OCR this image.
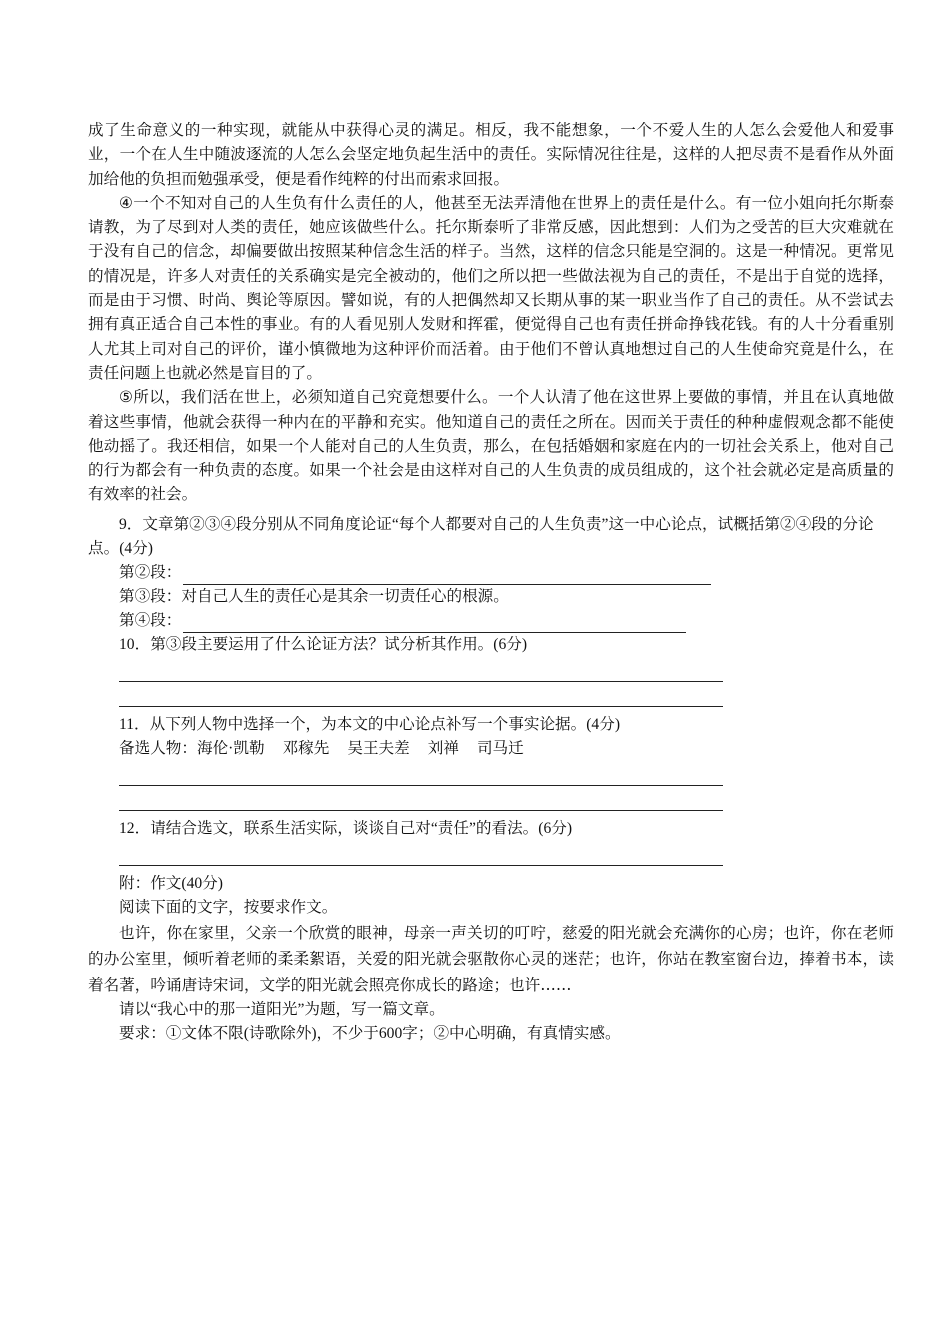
成了生命意义的一种实现，就能从中获得心灵的满足。相反，我不能想象，一个不爱人生的人怎么会爱他人和爱事业，一个在人生中随波逐流的人怎么会坚定地负起生活中的责任。实际情况往往是，这样的人把尽责不是看作从外面加给他的负担而勉强承受，便是看作纯粹的付出而索求回报。

④一个不知对自己的人生负有什么责任的人，他甚至无法弄清他在世界上的责任是什么。有一位小姐向托尔斯泰请教，为了尽到对人类的责任，她应该做些什么。托尔斯泰听了非常反感，因此想到：人们为之受苦的巨大灾难就在于没有自己的信念，却偏要做出按照某种信念生活的样子。当然，这样的信念只能是空洞的。这是一种情况。更常见的情况是，许多人对责任的关系确实是完全被动的，他们之所以把一些做法视为自己的责任，不是出于自觉的选择，而是由于习惯、时尚、舆论等原因。譬如说，有的人把偶然却又长期从事的某一职业当作了自己的责任。从不尝试去拥有真正适合自己本性的事业。有的人看见别人发财和挥霍，便觉得自己也有责任拼命挣钱花钱。有的人十分看重别人尤其上司对自己的评价，谨小慎微地为这种评价而活着。由于他们不曾认真地想过自己的人生使命究竟是什么，在责任问题上也就必然是盲目的了。

⑤所以，我们活在世上，必须知道自己究竟想要什么。一个人认清了他在这世界上要做的事情，并且在认真地做着这些事情，他就会获得一种内在的平静和充实。他知道自己的责任之所在。因而关于责任的种种虚假观念都不能使他动摇了。我还相信，如果一个人能对自己的人生负责，那么，在包括婚姻和家庭在内的一切社会关系上，他对自己的行为都会有一种负责的态度。如果一个社会是由这样对自己的人生负责的成员组成的，这个社会就必定是高质量的有效率的社会。

9．文章第②③④段分别从不同角度论证“每个人都要对自己的人生负责”这一中心论点，试概括第②④段的分论点。(4分)

第②段：
第③段： 对自己人生的责任心是其余一切责任心的根源。
第④段：

10．第③段主要运用了什么论证方法？试分析其作用。(6分)

11．从下列人物中选择一个，为本文的中心论点补写一个事实论据。(4分)

备选人物：海伦·凯勒 邓稼先 吴王夫差 刘禅 司马迁

12．请结合选文，联系生活实际，谈谈自己对“责任”的看法。(6分)

附：作文(40分)

阅读下面的文字，按要求作文。

也许，你在家里，父亲一个欣赏的眼神，母亲一声关切的叮咛，慈爱的阳光就会充满你的心房；也许，你在老师的办公室里，倾听着老师的柔柔絮语，关爱的阳光就会驱散你心灵的迷茫；也许，你站在教室窗台边，捧着书本，读着名著，吟诵唐诗宋词，文学的阳光就会照亮你成长的路途；也许……

请以“我心中的那一道阳光”为题，写一篇文章。

要求：①文体不限(诗歌除外)，不少于600字；②中心明确，有真情实感。
